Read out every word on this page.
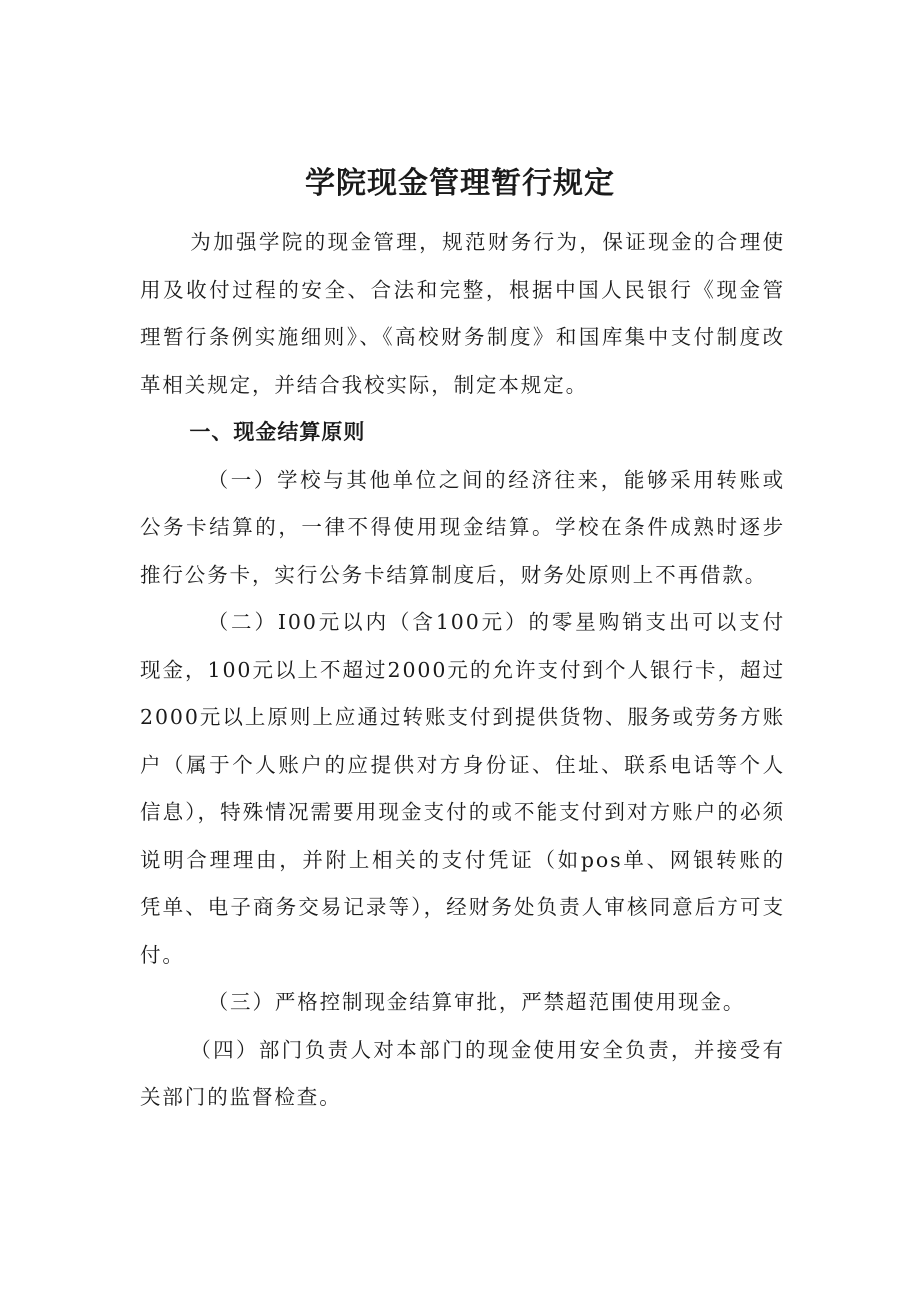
学院现金管理暂行规定

为加强学院的现金管理，规范财务行为，保证现金的合理使用及收付过程的安全、合法和完整，根据中国人民银行《现金管理暂行条例实施细则》、《高校财务制度》和国库集中支付制度改革相关规定，并结合我校实际，制定本规定。

一、现金结算原则

（一）学校与其他单位之间的经济往来，能够采用转账或公务卡结算的，一律不得使用现金结算。学校在条件成熟时逐步推行公务卡，实行公务卡结算制度后，财务处原则上不再借款。

（二）I00元以内（含100元）的零星购销支出可以支付现金，100元以上不超过2000元的允许支付到个人银行卡，超过2000元以上原则上应通过转账支付到提供货物、服务或劳务方账户（属于个人账户的应提供对方身份证、住址、联系电话等个人信息），特殊情况需要用现金支付的或不能支付到对方账户的必须说明合理理由，并附上相关的支付凭证（如pos单、网银转账的凭单、电子商务交易记录等），经财务处负责人审核同意后方可支付。

（三）严格控制现金结算审批，严禁超范围使用现金。

（四）部门负责人对本部门的现金使用安全负责，并接受有关部门的监督检查。
